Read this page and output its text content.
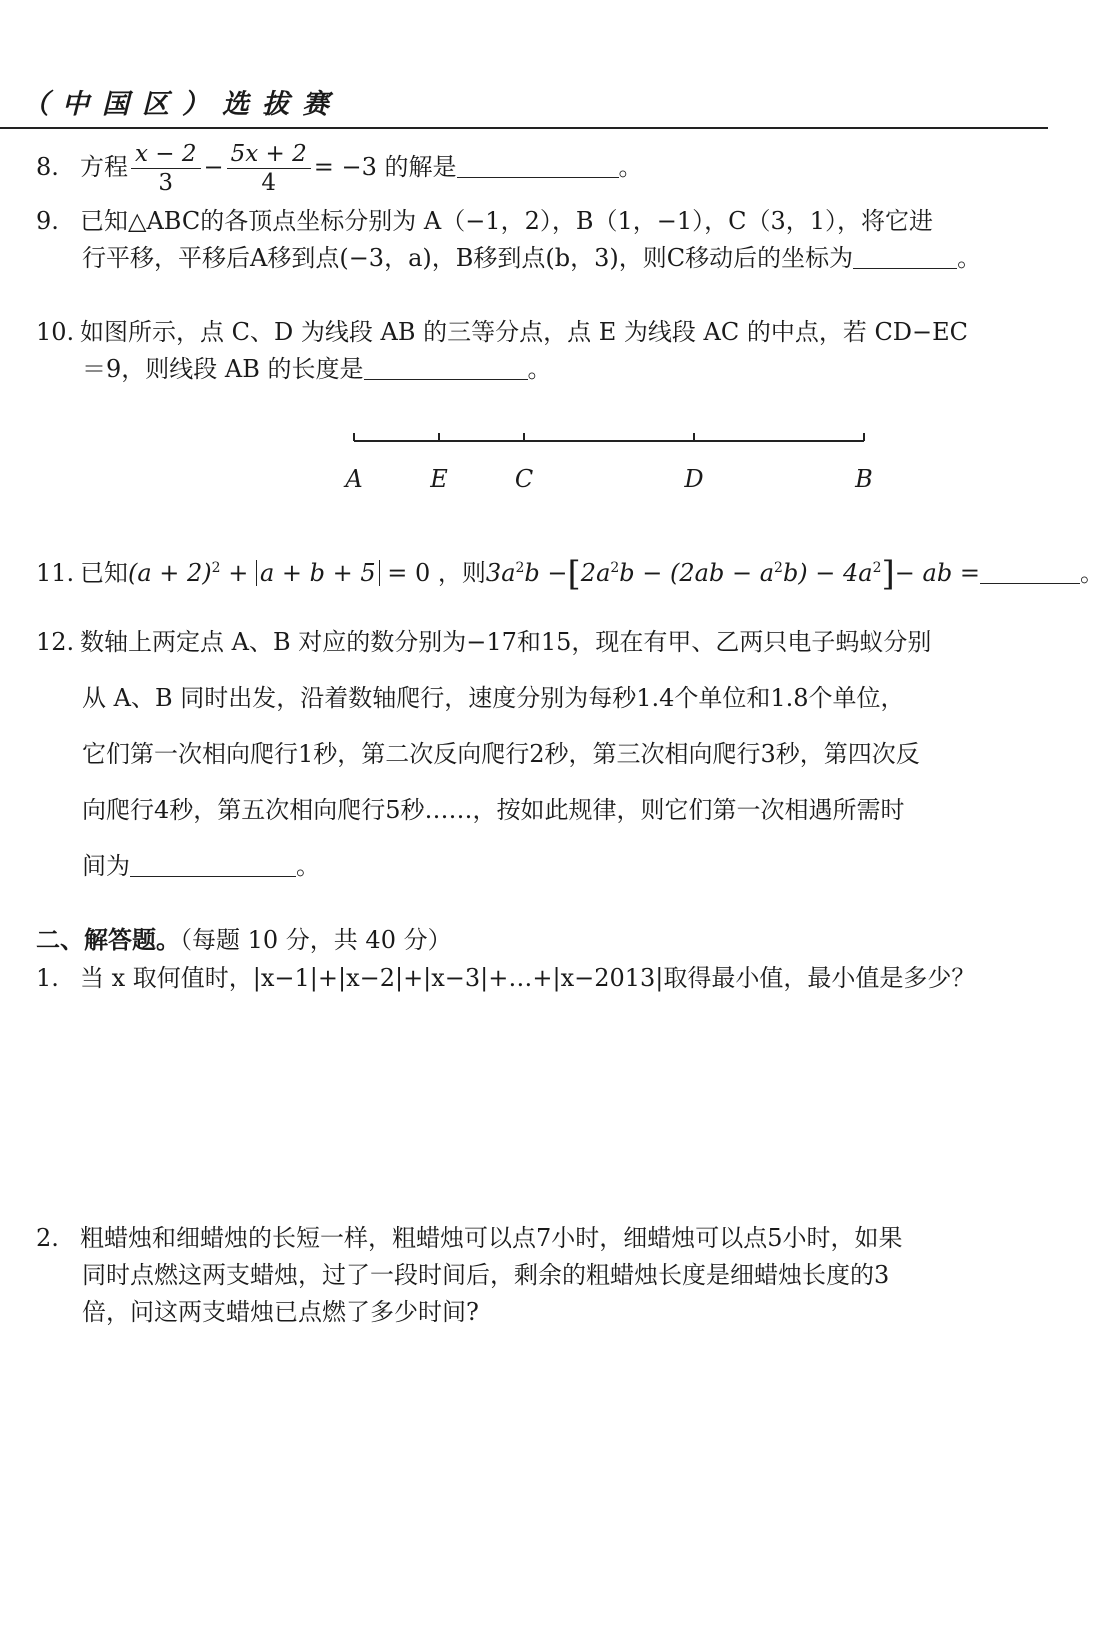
（中国区）选拔赛
8. 方程 $\frac{x - 2}{3} - \frac{5x + 2}{4} = -3$ 的解是	。
9. 已知△ABC的各顶点坐标分别为 A（−1，2），B（1，−1），C（3，1），将它进
行平移，平移后A移到点(−3，a)，B移到点(b，3)，则C移动后的坐标为	。
10. 如图所示，点 C、D 为线段 AB 的三等分点，点 E 为线段 AC 的中点，若 CD−EC
＝9，则线段 AB 的长度是	。
A	E	C	D	B
11. 已知$(a + 2)^2 + a + b + 5 = 0$ ，则$3a^2b -[2a^2b - (2ab - a^2b) - 4a^2]-$ ab =	。
12. 数轴上两定点 A、B 对应的数分别为−17和15，现在有甲、乙两只电子蚂蚁分别
从 A、B 同时出发，沿着数轴爬行，速度分别为每秒1.4个单位和1.8个单位，
它们第一次相向爬行1秒，第二次反向爬行2秒，第三次相向爬行3秒，第四次反
向爬行4秒，第五次相向爬行5秒……，按如此规律，则它们第一次相遇所需时
间为	。
二、解答题。（每题 10 分，共 40 分）
1. 当 x 取何值时，|x−1|+|x−2|+|x−3|+…+|x−2013|取得最小值，最小值是多少？
2. 粗蜡烛和细蜡烛的长短一样，粗蜡烛可以点7小时，细蜡烛可以点5小时，如果
同时点燃这两支蜡烛，过了一段时间后，剩余的粗蜡烛长度是细蜡烛长度的3
倍，问这两支蜡烛已点燃了多少时间?
